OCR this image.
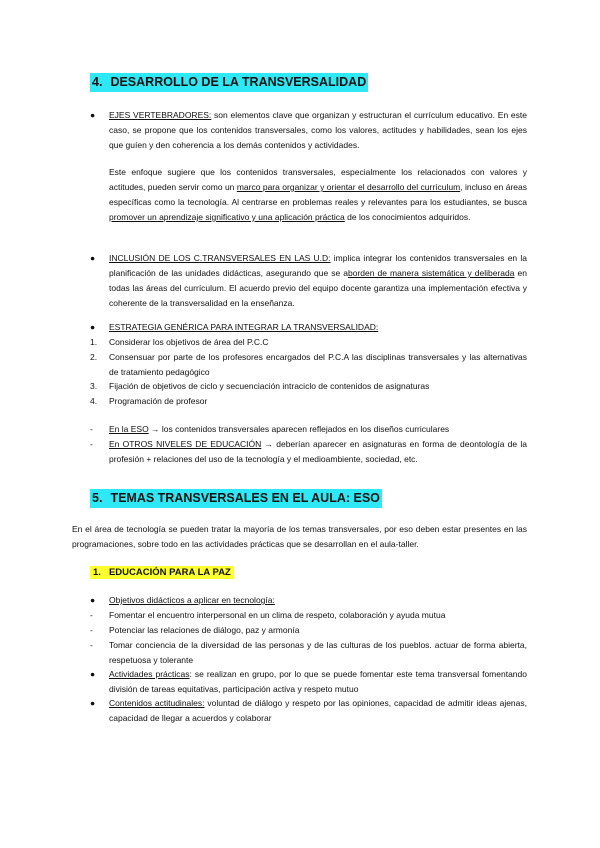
4. DESARROLLO DE LA TRANSVERSALIDAD
● EJES VERTEBRADORES: son elementos clave que organizan y estructuran el currículum educativo. En este caso, se propone que los contenidos transversales, como los valores, actitudes y habilidades, sean los ejes que guíen y den coherencia a los demás contenidos y actividades.

Este enfoque sugiere que los contenidos transversales, especialmente los relacionados con valores y actitudes, pueden servir como un marco para organizar y orientar el desarrollo del currículum, incluso en áreas específicas como la tecnología. Al centrarse en problemas reales y relevantes para los estudiantes, se busca promover un aprendizaje significativo y una aplicación práctica de los conocimientos adquiridos.

● INCLUSIÓN DE LOS C.TRANSVERSALES EN LAS U.D: implica integrar los contenidos transversales en la planificación de las unidades didácticas, asegurando que se aborden de manera sistemática y deliberada en todas las áreas del currículum. El acuerdo previo del equipo docente garantiza una implementación efectiva y coherente de la transversalidad en la enseñanza.

● ESTRATEGIA GENÉRICA PARA INTEGRAR LA TRANSVERSALIDAD:
1. Considerar los objetivos de área del P.C.C
2. Consensuar por parte de los profesores encargados del P.C.A las disciplinas transversales y las alternativas de tratamiento pedagógico

3. Fijación de objetivos de ciclo y secuenciación intraciclo de contenidos de asignaturas
4. Programación de profesor
- En la ESO → los contenidos transversales aparecen reflejados en los diseños curriculares
- En OTROS NIVELES DE EDUCACIÓN → deberían aparecer en asignaturas en forma de deontología de la profesión + relaciones del uso de la tecnología y el medioambiente, sociedad, etc.

5. TEMAS TRANSVERSALES EN EL AULA: ESO

En el área de tecnología se pueden tratar la mayoría de los temas transversales, por eso deben estar presentes en las programaciones, sobre todo en las actividades prácticas que se desarrollan en el aula-taller.

1. EDUCACIÓN PARA LA PAZ
● Objetivos didácticos a aplicar en tecnología:
- Fomentar el encuentro interpersonal en un clima de respeto, colaboración y ayuda mutua
- Potenciar las relaciones de diálogo, paz y armonía
- Tomar conciencia de la diversidad de las personas y de las culturas de los pueblos. actuar de forma abierta, respetuosa y tolerante

● Actividades prácticas: se realizan en grupo, por lo que se puede fomentar este tema transversal fomentando división de tareas equitativas, participación activa y respeto mutuo

● Contenidos actitudinales: voluntad de diálogo y respeto por las opiniones, capacidad de admitir ideas ajenas, capacidad de llegar a acuerdos y colaborar
